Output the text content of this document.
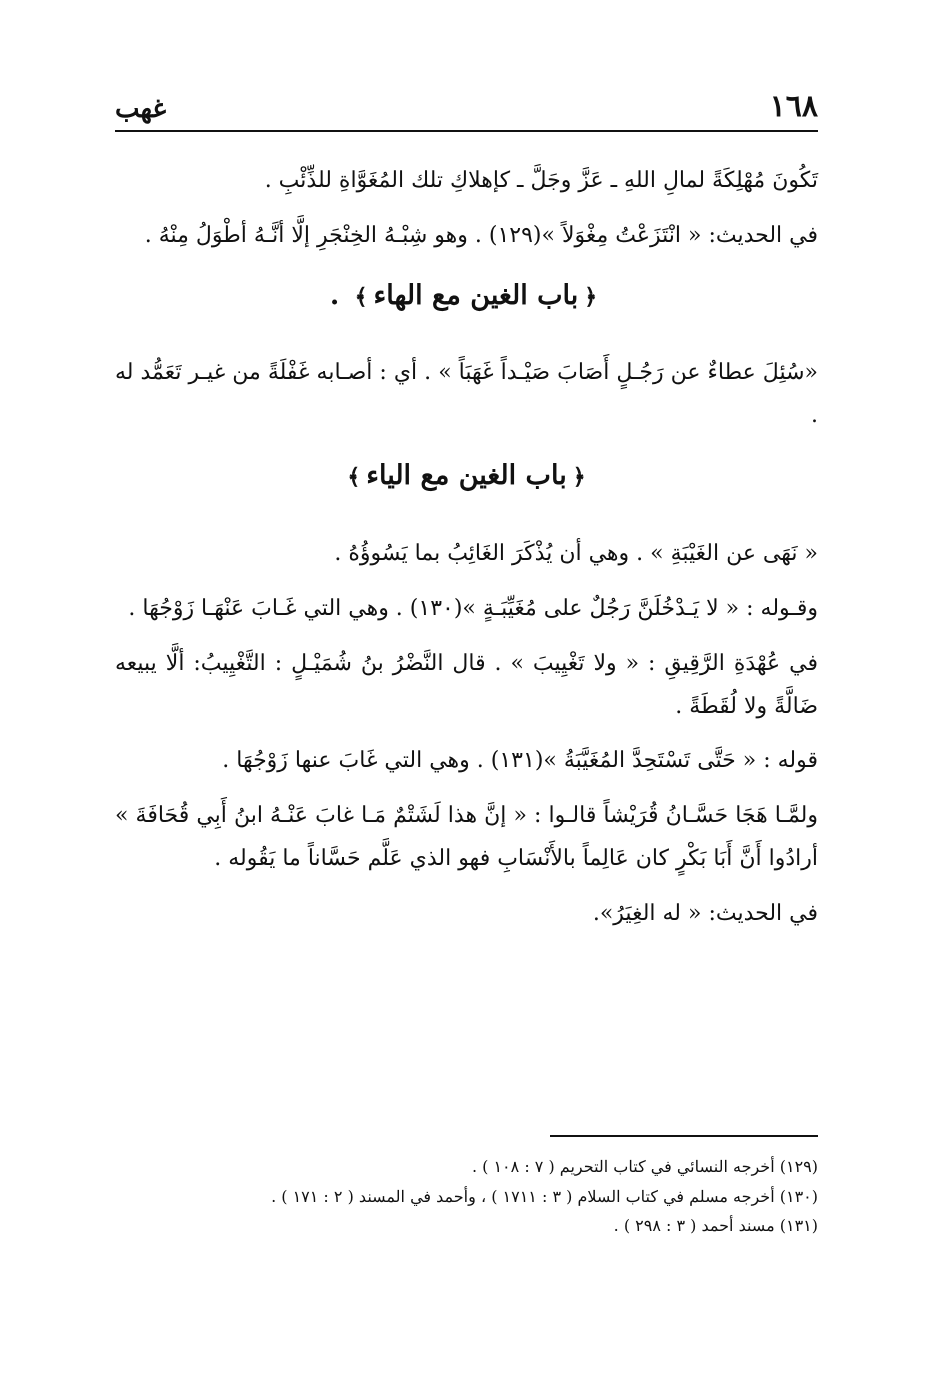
١٦٨
غهب

تَكُونَ مُهْلِكَةً لمالِ اللهِ ـ عَزَّ وجَلَّ ـ كإهلاكِ تلك المُغَوَّاةِ للذِّئْبِ .

في الحديث: « انْتَزَعْتُ مِغْوَلاً »(١٢٩) . وهو شِبْـهُ الخِنْجَرِ إلَّا أنَّـهُ أطْوَلُ مِنْهُ .

﴿باب الغين مع الهاء﴾ .

«سُئِلَ عطاءٌ عن رَجُـلٍ أَصَابَ صَيْـداً غَهَبَاً » . أي : أصـابه غَفْلَةً من غيـر تَعَمُّد له .

﴿باب الغين مع الياء﴾

« نَهَى عن الغَيْبَةِ » . وهي أن يُذْكَرَ الغَائِبُ بما يَسُوؤُهُ .

وقـوله : « لا يَـدْخُلَنَّ رَجُلٌ على مُغَيِّبَـةٍ »(١٣٠) . وهي التي غَـابَ عَنْهَـا زَوْجُهَا .

في عُهْدَةِ الرَّقِيقِ : « ولا تَغْيِيبَ » . قال النَّضْرُ بنُ شُمَيْـلٍ : التَّغْيِيبُ: ألَّا يبيعه ضَالَّةً ولا لُقَطَةً .

قوله : « حَتَّى تَسْتَحِدَّ المُغَيَّبَةُ »(١٣١) . وهي التي غَابَ عنها زَوْجُهَا .

ولمَّـا هَجَا حَسَّـانُ قُرَيْشاً قالـوا : « إنَّ هذا لَشَتْمٌ مَـا غابَ عَنْـهُ ابنُ أَبِي قُحَافَةَ » أرادُوا أَنَّ أَبَا بَكْرٍ كان عَالِماً بالأَنْسَابِ فهو الذي عَلَّم حَسَّاناً ما يَقُوله .

في الحديث: « له الغِيَرُ».

(١٢٩) أخرجه النسائي في كتاب التحريم ( ٧ : ١٠٨ ) .

(١٣٠) أخرجه مسلم في كتاب السلام ( ٣ : ١٧١١ ) ، وأحمد في المسند ( ٢ : ١٧١ ) .

(١٣١) مسند أحمد ( ٣ : ٢٩٨ ) .
